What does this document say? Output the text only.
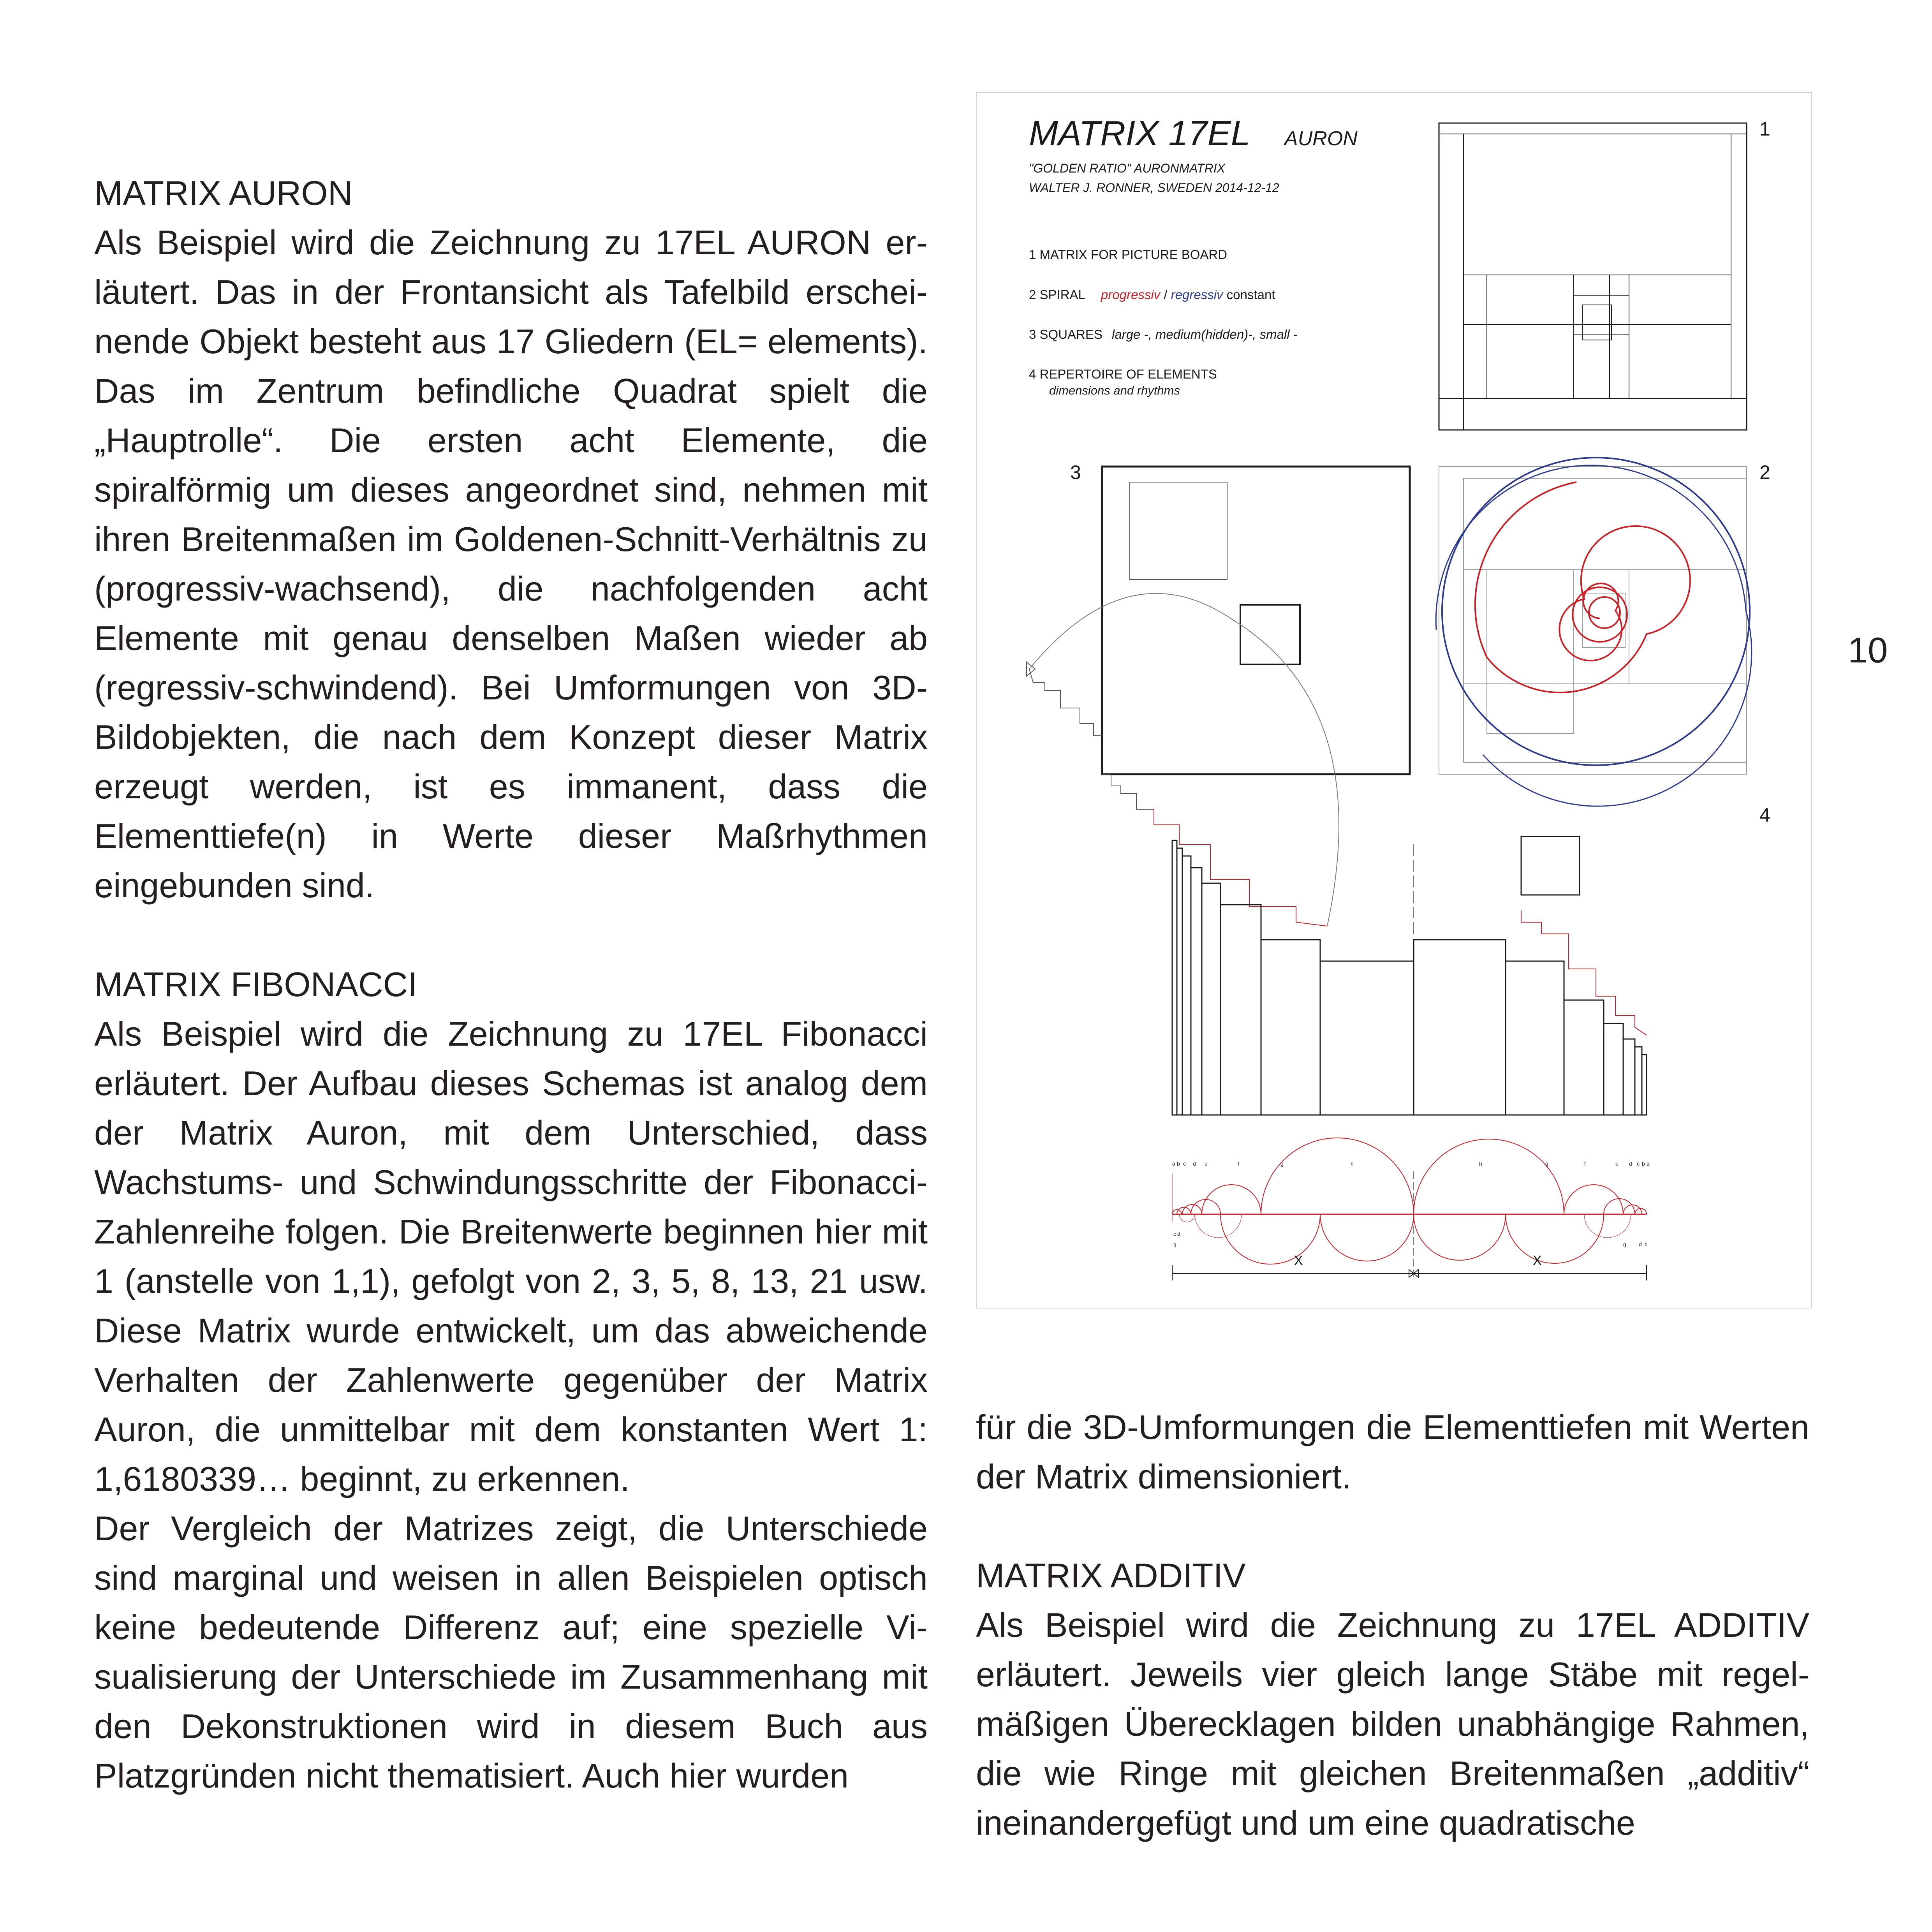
MATRIX AURON

Als Beispiel wird die Zeichnung zu 17EL AURON erläutert. Das in der Frontansicht als Tafelbild erscheinende Objekt besteht aus 17 Gliedern (EL= elements). Das im Zentrum befindliche Quadrat spielt die „Hauptrolle“. Die ersten acht Elemente, die spiralförmig um dieses angeordnet sind, nehmen mit ihren Breitenmaßen im Goldenen-Schnitt-Verhältnis zu (progressiv-wachsend), die nachfolgenden acht Elemente mit genau denselben Maßen wieder ab (regressiv-schwindend). Bei Umformungen von 3D-Bildobjekten, die nach dem Konzept dieser Matrix erzeugt werden, ist es immanent, dass die Elementtiefe(n) in Werte dieser Maßrhythmen eingebunden sind.

MATRIX FIBONACCI

Als Beispiel wird die Zeichnung zu 17EL Fibonacci erläutert. Der Aufbau dieses Schemas ist analog dem der Matrix Auron, mit dem Unterschied, dass Wachstums- und Schwindungsschritte der Fibonacci-Zahlenreihe folgen. Die Breitenwerte beginnen hier mit 1 (anstelle von 1,1), gefolgt von 2, 3, 5, 8, 13, 21 usw. Diese Matrix wurde entwickelt, um das abweichende Verhalten der Zahlenwerte gegenüber der Matrix Auron, die unmittelbar mit dem konstanten Wert 1: 1,6180339… beginnt, zu erkennen.

Der Vergleich der Matrizes zeigt, die Unterschiede sind marginal und weisen in allen Beispielen optisch keine bedeutende Differenz auf; eine spezielle Visualisierung der Unterschiede im Zusammenhang mit den Dekonstruktionen wird in diesem Buch aus Platzgründen nicht thematisiert. Auch hier wurden

für die 3D-Umformungen die Elementtiefen mit Werten der Matrix dimensioniert.

MATRIX ADDITIV

Als Beispiel wird die Zeichnung zu 17EL ADDITIV erläutert. Jeweils vier gleich lange Stäbe mit regelmäßigen Überecklagen bilden unabhängige Rahmen, die wie Ringe mit gleichen Breitenmaßen „additiv“ ineinandergefügt und um eine quadratische

10
MATRIX 17EL AURON
"GOLDEN RATIO" AURONMATRIX
WALTER J. RONNER, SWEDEN 2014-12-12
1 MATRIX FOR PICTURE BOARD
2 SPIRAL progressiv / regressiv constant
3 SQUARES large -, medium(hidden)-, small -
4 REPERTOIRE OF ELEMENTS
dimensions and rhythms
1
2
3
4
a b c d e	f	g	h	h	g	f	e d c b a
c d g	g d c
X	X
